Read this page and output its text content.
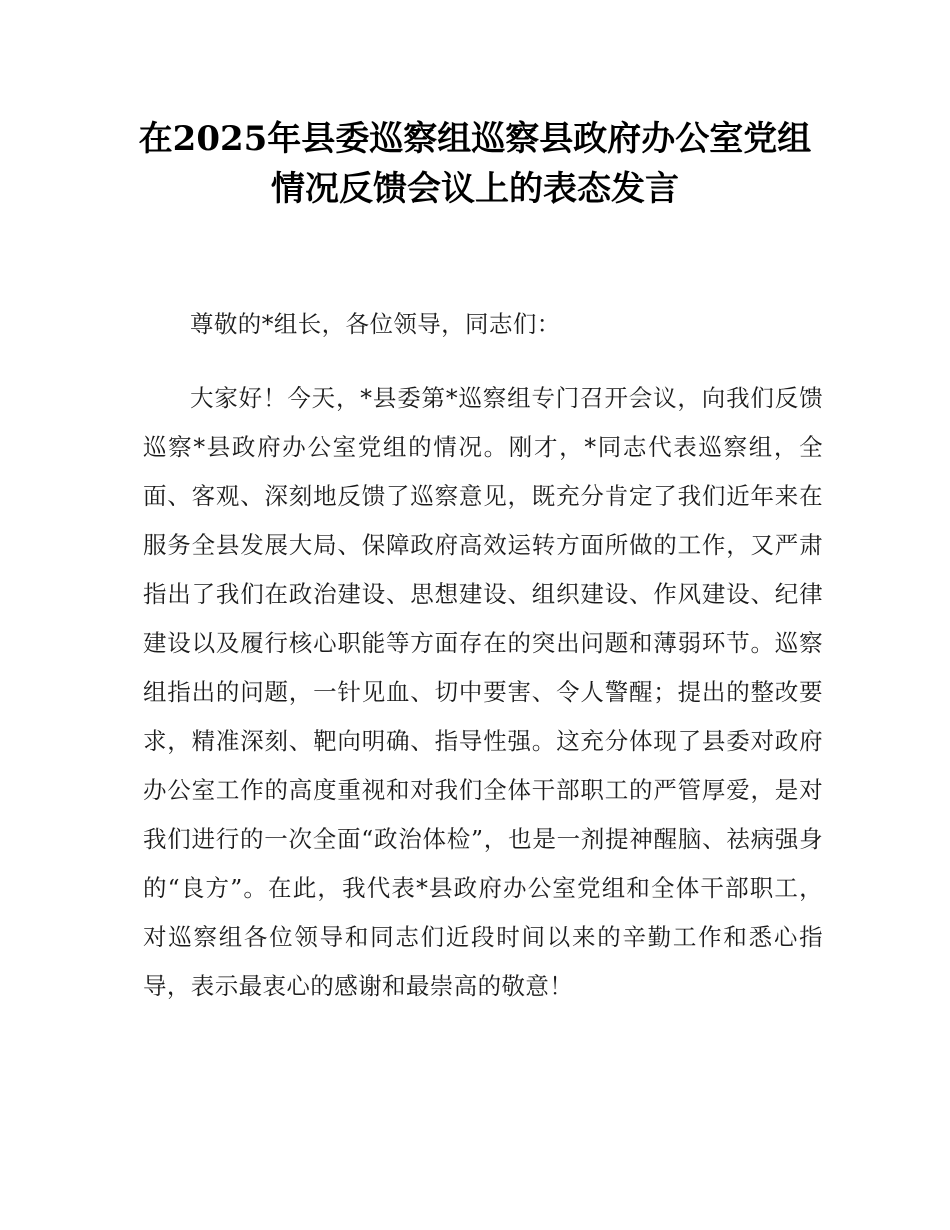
在2025年县委巡察组巡察县政府办公室党组
情况反馈会议上的表态发言

尊敬的*组长，各位领导，同志们：

大家好！今天，*县委第*巡察组专门召开会议，向我们反馈巡察*县政府办公室党组的情况。刚才，*同志代表巡察组，全面、客观、深刻地反馈了巡察意见，既充分肯定了我们近年来在服务全县发展大局、保障政府高效运转方面所做的工作，又严肃指出了我们在政治建设、思想建设、组织建设、作风建设、纪律建设以及履行核心职能等方面存在的突出问题和薄弱环节。巡察组指出的问题，一针见血、切中要害、令人警醒；提出的整改要求，精准深刻、靶向明确、指导性强。这充分体现了县委对政府办公室工作的高度重视和对我们全体干部职工的严管厚爱，是对我们进行的一次全面“政治体检”，也是一剂提神醒脑、祛病强身的“良方”。在此，我代表*县政府办公室党组和全体干部职工，对巡察组各位领导和同志们近段时间以来的辛勤工作和悉心指导，表示最衷心的感谢和最崇高的敬意！
